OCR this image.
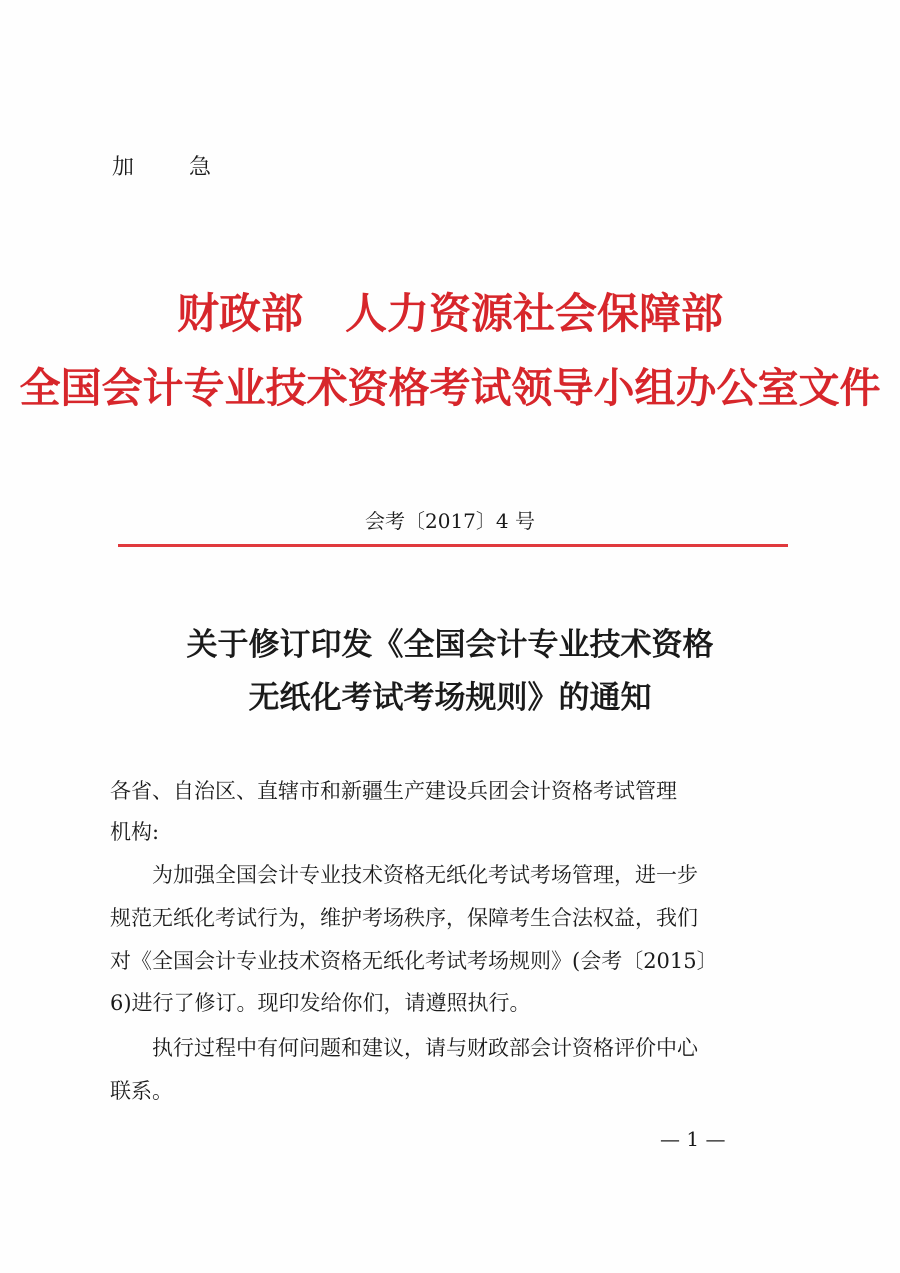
加 急
财政部　人力资源社会保障部
全国会计专业技术资格考试领导小组办公室文件
会考〔2017〕4 号
关于修订印发《全国会计专业技术资格
无纸化考试考场规则》的通知
各省、自治区、直辖市和新疆生产建设兵团会计资格考试管理
机构:
　　为加强全国会计专业技术资格无纸化考试考场管理，进一步
规范无纸化考试行为，维护考场秩序，保障考生合法权益，我们
对《全国会计专业技术资格无纸化考试考场规则》(会考〔2015〕
6)进行了修订。现印发给你们，请遵照执行。
　　执行过程中有何问题和建议，请与财政部会计资格评价中心
联系。
— 1 —
